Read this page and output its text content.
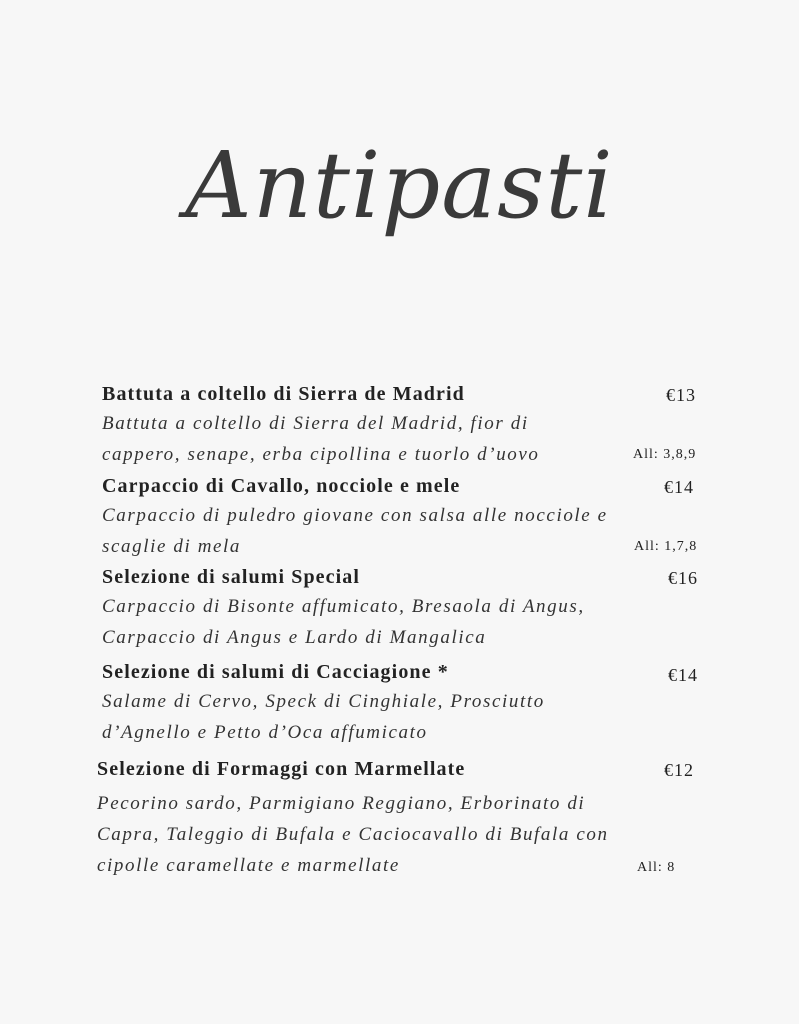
Antipasti
Battuta a coltello di Sierra de Madrid	€13
Battuta a coltello di Sierra del Madrid, fior di
cappero, senape, erba cipollina e tuorlo d’uovo	All: 3,8,9
Carpaccio di Cavallo, nocciole e mele	€14
Carpaccio di puledro giovane con salsa alle nocciole e
scaglie di mela	All: 1,7,8
Selezione di salumi Special	€16
Carpaccio di Bisonte affumicato, Bresaola di Angus,
Carpaccio di Angus e Lardo di Mangalica
Selezione di salumi di Cacciagione *	€14
Salame di Cervo, Speck di Cinghiale, Prosciutto
d’Agnello e Petto d’Oca affumicato
Selezione di Formaggi con Marmellate	€12
Pecorino sardo, Parmigiano Reggiano, Erborinato di
Capra, Taleggio di Bufala e Caciocavallo di Bufala con
cipolle caramellate e marmellate	All: 8
